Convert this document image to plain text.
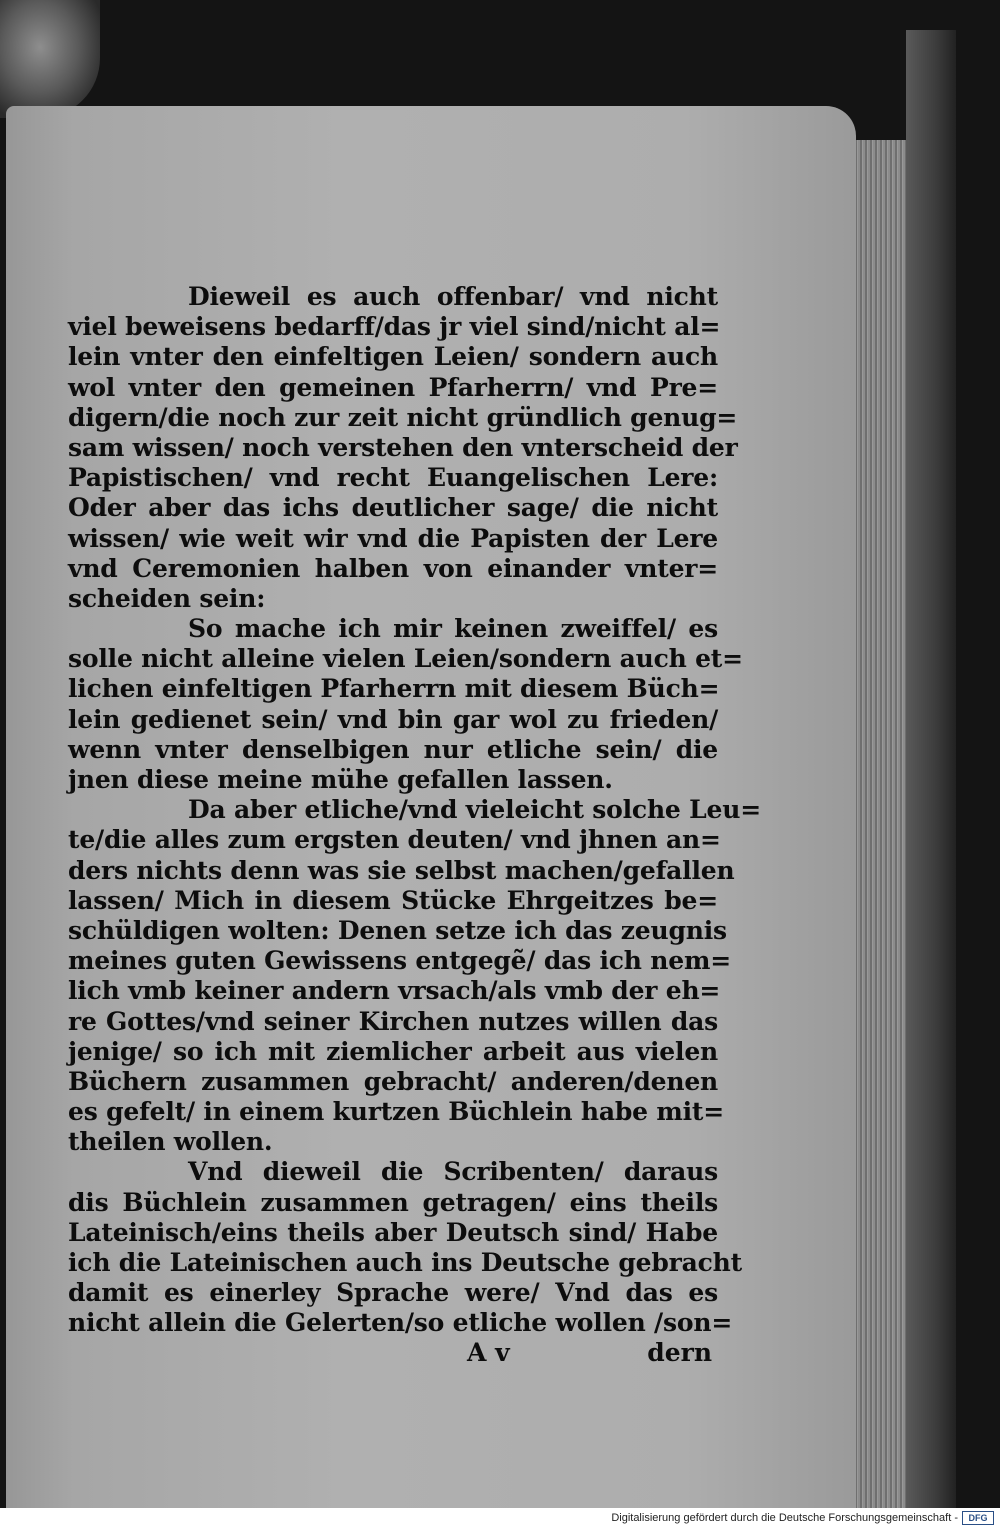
Dieweil es auch offenbar/ vnd nicht
viel beweisens bedarff/das jr viel sind/nicht al=
lein vnter den einfeltigen Leien/ sondern auch
wol vnter den gemeinen Pfarherrn/ vnd Pre=
digern/die noch zur zeit nicht gründlich genug=
sam wissen/ noch verstehen den vnterscheid der
Papistischen/ vnd recht Euangelischen Lere:
Oder aber das ichs deutlicher sage/ die nicht
wissen/ wie weit wir vnd die Papisten der Lere
vnd Ceremonien halben von einander vnter=
scheiden sein:
So mache ich mir keinen zweiffel/ es
solle nicht alleine vielen Leien/sondern auch et=
lichen einfeltigen Pfarherrn mit diesem Büch=
lein gedienet sein/ vnd bin gar wol zu frieden/
wenn vnter denselbigen nur etliche sein/ die
jnen diese meine mühe gefallen lassen.
Da aber etliche/vnd vieleicht solche Leu=
te/die alles zum ergsten deuten/ vnd jhnen an=
ders nichts denn was sie selbst machen/gefallen
lassen/ Mich in diesem Stücke Ehrgeitzes be=
schüldigen wolten: Denen setze ich das zeugnis
meines guten Gewissens entgegẽ/ das ich nem=
lich vmb keiner andern vrsach/als vmb der eh=
re Gottes/vnd seiner Kirchen nutzes willen das
jenige/ so ich mit ziemlicher arbeit aus vielen
Büchern zusammen gebracht/ anderen/denen
es gefelt/ in einem kurtzen Büchlein habe mit=
theilen wollen.
Vnd dieweil die Scribenten/ daraus
dis Büchlein zusammen getragen/ eins theils
Lateinisch/eins theils aber Deutsch sind/ Habe
ich die Lateinischen auch ins Deutsche gebracht
damit es einerley Sprache were/ Vnd das es
nicht allein die Gelerten/so etliche wollen /son=
A v	dern
Digitalisierung gefördert durch die Deutsche Forschungsgemeinschaft -	DFG
